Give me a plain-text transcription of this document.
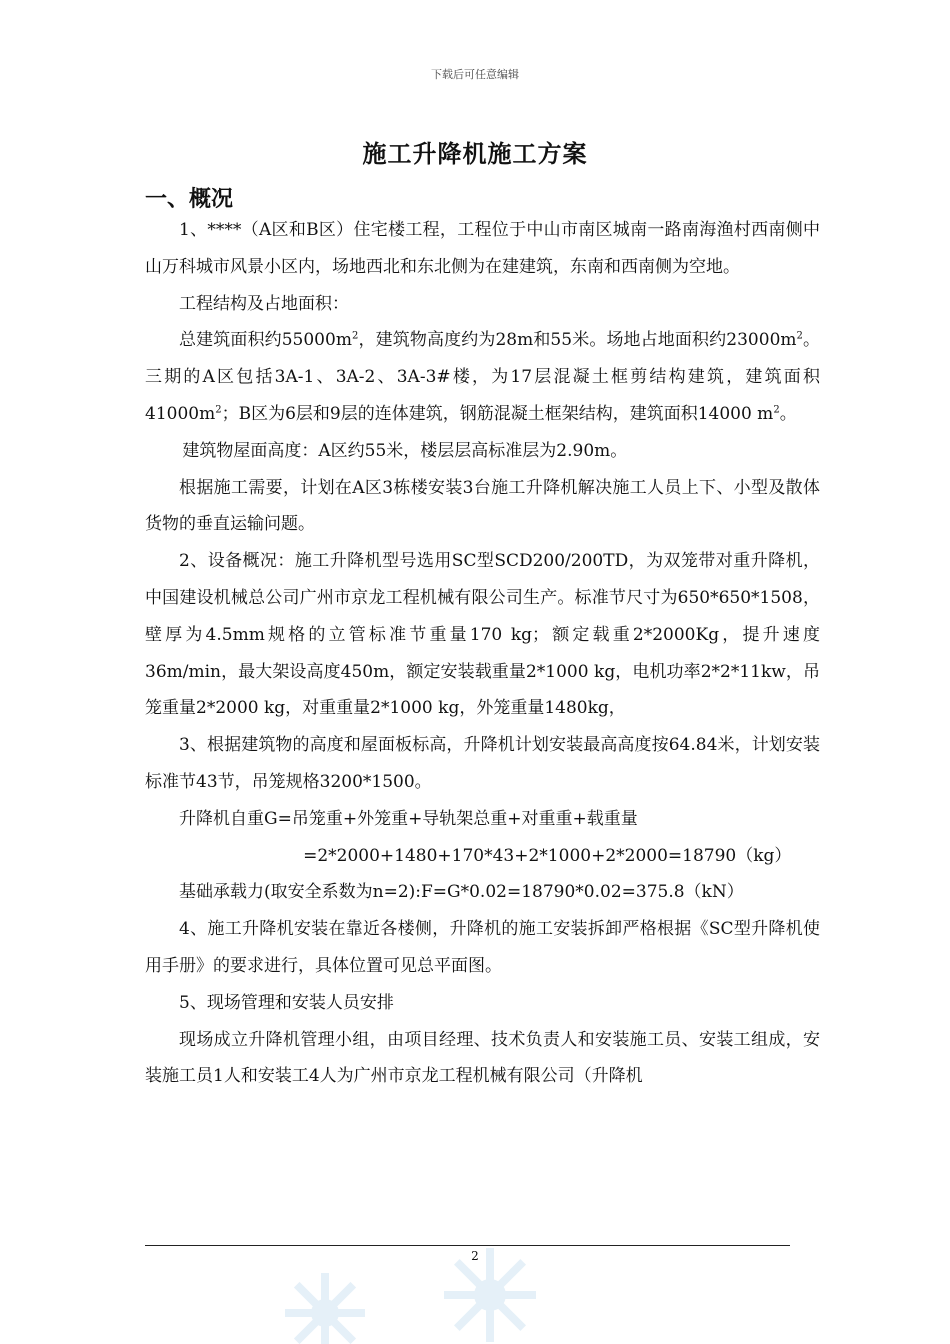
下载后可任意编辑
施工升降机施工方案
一、概况

1、****（A区和B区）住宅楼工程，工程位于中山市南区城南一路南海渔村西南侧中山万科城市风景小区内，场地西北和东北侧为在建建筑，东南和西南侧为空地。

工程结构及占地面积：

总建筑面积约$55000m^2$，建筑物高度约为28m和55米。场地占地面积约$23000m^2$。三期的A区包括3A-1、3A-2、3A-3#楼，为17层混凝土框剪结构建筑，建筑面积$41000m^2$；B区为6层和9层的连体建筑，钢筋混凝土框架结构，建筑面积14000 $m^2$。

建筑物屋面高度：A区约55米，楼层层高标准层为2.90m。

根据施工需要，计划在A区3栋楼安装3台施工升降机解决施工人员上下、小型及散体货物的垂直运输问题。

2、设备概况：施工升降机型号选用SC型SCD200/200TD，为双笼带对重升降机，中国建设机械总公司广州市京龙工程机械有限公司生产。标准节尺寸为650*650*1508，壁厚为4.5mm规格的立管标准节重量170 kg；额定载重2*2000Kg，提升速度36m/min，最大架设高度450m，额定安装载重量2*1000 kg，电机功率2*2*11kw，吊笼重量2*2000 kg，对重重量2*1000 kg，外笼重量1480kg，

3、根据建筑物的高度和屋面板标高，升降机计划安装最高高度按64.84米，计划安装标准节43节，吊笼规格3200*1500。

升降机自重G=吊笼重+外笼重+导轨架总重+对重重+载重量

=2*2000+1480+170*43+2*1000+2*2000=18790（kg）

基础承载力(取安全系数为n=2):F=G*0.02=18790*0.02=375.8（kN）

4、施工升降机安装在靠近各楼侧，升降机的施工安装拆卸严格根据《SC型升降机使用手册》的要求进行，具体位置可见总平面图。

5、现场管理和安装人员安排

现场成立升降机管理小组，由项目经理、技术负责人和安装施工员、安装工组成，安装施工员1人和安装工4人为广州市京龙工程机械有限公司（升降机

2
